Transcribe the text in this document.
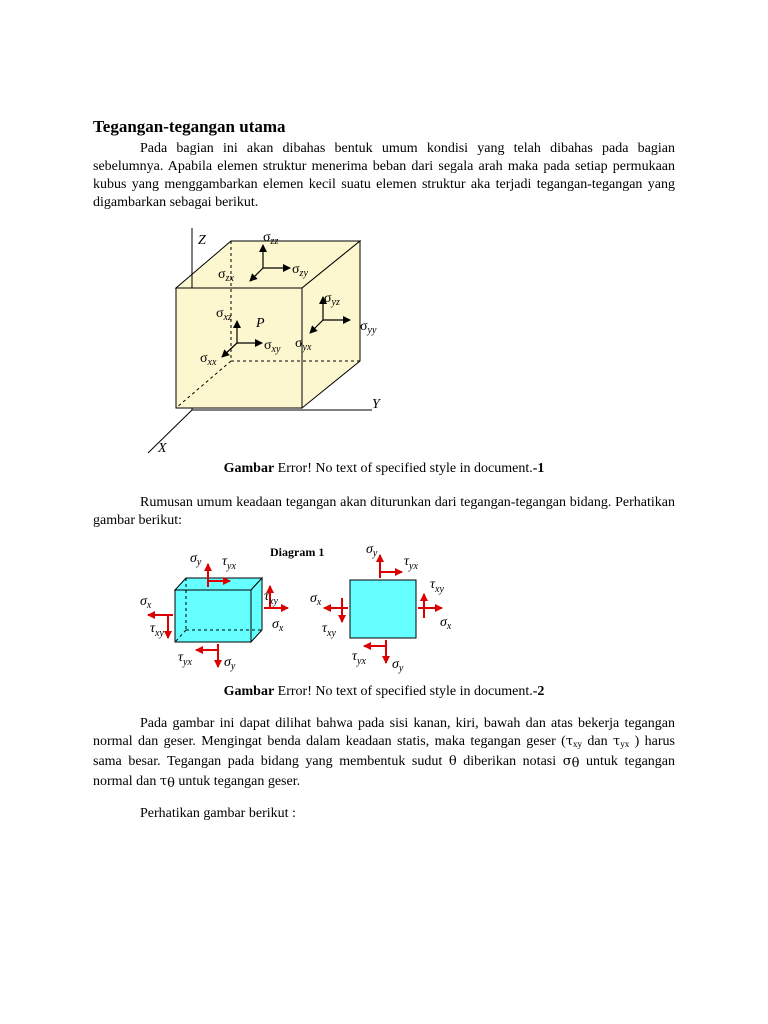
Tegangan-tegangan utama

Pada bagian ini akan dibahas bentuk umum kondisi yang telah dibahas pada bagian sebelumnya. Apabila elemen struktur menerima beban dari segala arah maka pada setiap permukaan kubus yang menggambarkan elemen kecil suatu elemen struktur aka terjadi tegangan-tegangan yang digambarkan sebagai berikut.

Z
Y
X
$\sigma_{zz}$
$\sigma_{zy}$
$\sigma_{zx}$
$\sigma_{yz}$
$\sigma_{yy}$
$\sigma_{yx}$
P
$\sigma_{xz}$
$\sigma_{xy}$
$\sigma_{xx}$

Gambar Error! No text of specified style in document.-1

Rumusan umum keadaan tegangan akan diturunkan dari tegangan-tegangan bidang. Perhatikan gambar berikut:

Diagram 1
$\sigma_y$ $\tau_{yx}$
$\sigma_x$
$\tau_{xy}$
$\tau_{xy}$
$\sigma_x$
$\tau_{yx}$ $\sigma_y$
$\sigma_y$
$\tau_{yx}$
$\sigma_x$
$\tau_{xy}$
$\tau_{xy}$
$\sigma_x$
$\tau_{yx}$ $\sigma_y$

Gambar Error! No text of specified style in document.-2

Pada gambar ini dapat dilihat bahwa pada sisi kanan, kiri, bawah dan atas bekerja tegangan normal dan geser. Mengingat benda dalam keadaan statis, maka tegangan geser ($\tau_{xy}$ dan $\tau_{yx}$ ) harus sama besar. Tegangan pada bidang yang membentuk sudut θ diberikan notasi σθ untuk tegangan normal dan τθ untuk tegangan geser.

Perhatikan gambar berikut :
